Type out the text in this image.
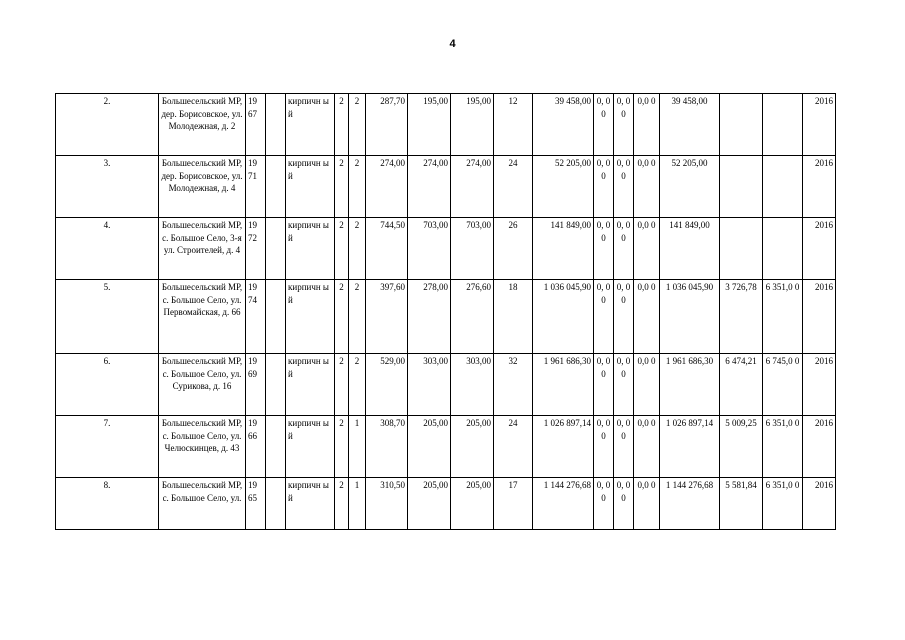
4
2.	Большесельский МР, дер. Борисовское, ул. Молодежная, д. 2	19 67		кирпичн ый	2	2	287,70	195,00	195,00	12	39 458,00	0, 0 0	0, 0 0	0,0 0	39 458,00			2016
3.	Большесельский МР, дер. Борисовское, ул. Молодежная, д. 4	19 71		кирпичн ый	2	2	274,00	274,00	274,00	24	52 205,00	0, 0 0	0, 0 0	0,0 0	52 205,00			2016
4.	Большесельский МР, с. Большое Село, 3-я ул. Строителей, д. 4	19 72		кирпичн ый	2	2	744,50	703,00	703,00	26	141 849,00	0, 0 0	0, 0 0	0,0 0	141 849,00			2016
5.	Большесельский МР, с. Большое Село, ул. Первомайская, д. 66	19 74		кирпичн ый	2	2	397,60	278,00	276,60	18	1 036 045,90	0, 0 0	0, 0 0	0,0 0	1 036 045,90	3 726,78	6 351,0 0	2016
6.	Большесельский МР, с. Большое Село, ул. Сурикова, д. 16	19 69		кирпичн ый	2	2	529,00	303,00	303,00	32	1 961 686,30	0, 0 0	0, 0 0	0,0 0	1 961 686,30	6 474,21	6 745,0 0	2016
7.	Большесельский МР, с. Большое Село, ул. Челюскинцев, д. 43	19 66		кирпичн ый	2	1	308,70	205,00	205,00	24	1 026 897,14	0, 0 0	0, 0 0	0,0 0	1 026 897,14	5 009,25	6 351,0 0	2016
8.	Большесельский МР, с. Большое Село, ул.	19 65		кирпичн ый	2	1	310,50	205,00	205,00	17	1 144 276,68	0, 0 0	0, 0 0	0,0 0	1 144 276,68	5 581,84	6 351,0 0	2016
